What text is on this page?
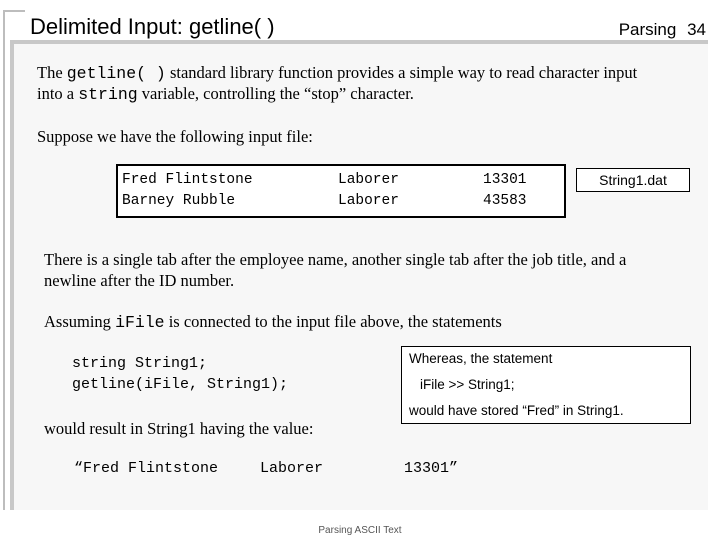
Delimited Input: getline( )	Parsing 34
The getline( ) standard library function provides a simple way to read character input
into a string variable, controlling the “stop” character.
Suppose we have the following input file:
Fred Flintstone	Laborer	13301
Barney Rubble	Laborer	43583
String1.dat
There is a single tab after the employee name, another single tab after the job title, and a
newline after the ID number.
Assuming iFile is connected to the input file above, the statements
string String1;
getline(iFile, String1);
Whereas, the statement
iFile >> String1;
would have stored “Fred” in String1.
would result in String1 having the value:
“Fred Flintstone	Laborer	13301”
Parsing ASCII Text
